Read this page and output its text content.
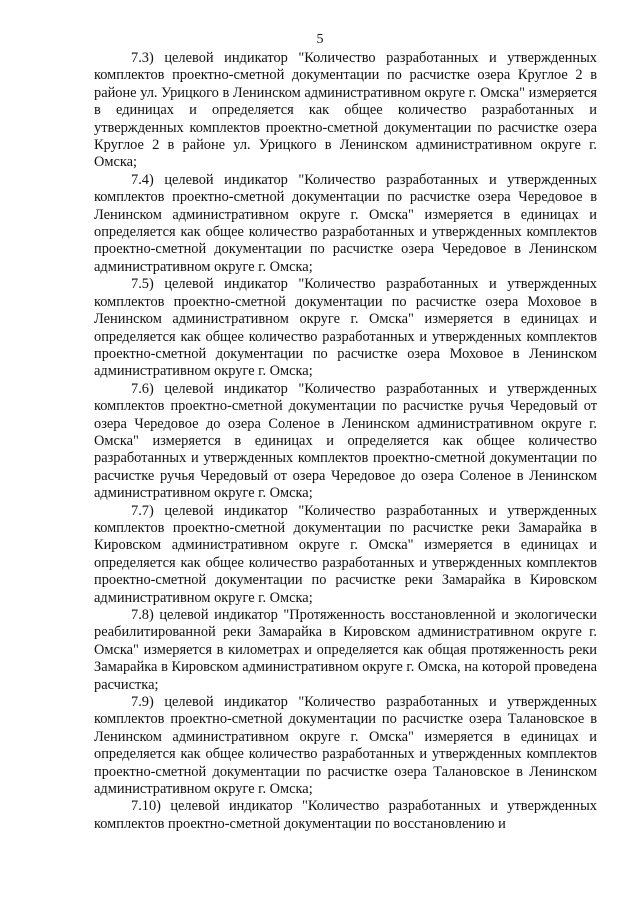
5

7.3) целевой индикатор "Количество разработанных и утвержденных комплектов проектно-сметной документации по расчистке озера Круглое 2 в районе ул. Урицкого в Ленинском административном округе г. Омска" измеряется в единицах и определяется как общее количество разработанных и утвержденных комплектов проектно-сметной документации по расчистке озера Круглое 2 в районе ул. Урицкого в Ленинском административном округе г. Омска;

7.4) целевой индикатор "Количество разработанных и утвержденных комплектов проектно-сметной документации по расчистке озера Чередовое в Ленинском административном округе г. Омска" измеряется в единицах и определяется как общее количество разработанных и утвержденных комплектов проектно-сметной документации по расчистке озера Чередовое в Ленинском административном округе г. Омска;

7.5) целевой индикатор "Количество разработанных и утвержденных комплектов проектно-сметной документации по расчистке озера Моховое в Ленинском административном округе г. Омска" измеряется в единицах и определяется как общее количество разработанных и утвержденных комплектов проектно-сметной документации по расчистке озера Моховое в Ленинском административном округе г. Омска;

7.6) целевой индикатор "Количество разработанных и утвержденных комплектов проектно-сметной документации по расчистке ручья Чередовый от озера Чередовое до озера Соленое в Ленинском административном округе г. Омска" измеряется в единицах и определяется как общее количество разработанных и утвержденных комплектов проектно-сметной документации по расчистке ручья Чередовый от озера Чередовое до озера Соленое в Ленинском административном округе г. Омска;

7.7) целевой индикатор "Количество разработанных и утвержденных комплектов проектно-сметной документации по расчистке реки Замарайка в Кировском административном округе г. Омска" измеряется в единицах и определяется как общее количество разработанных и утвержденных комплектов проектно-сметной документации по расчистке реки Замарайка в Кировском административном округе г. Омска;

7.8) целевой индикатор "Протяженность восстановленной и экологически реабилитированной реки Замарайка в Кировском административном округе г. Омска" измеряется в километрах и определяется как общая протяженность реки Замарайка в Кировском административном округе г. Омска, на которой проведена расчистка;

7.9) целевой индикатор "Количество разработанных и утвержденных комплектов проектно-сметной документации по расчистке озера Талановское в Ленинском административном округе г. Омска" измеряется в единицах и определяется как общее количество разработанных и утвержденных комплектов проектно-сметной документации по расчистке озера Талановское в Ленинском административном округе г. Омска;

7.10) целевой индикатор "Количество разработанных и утвержденных комплектов проектно-сметной документации по восстановлению и
